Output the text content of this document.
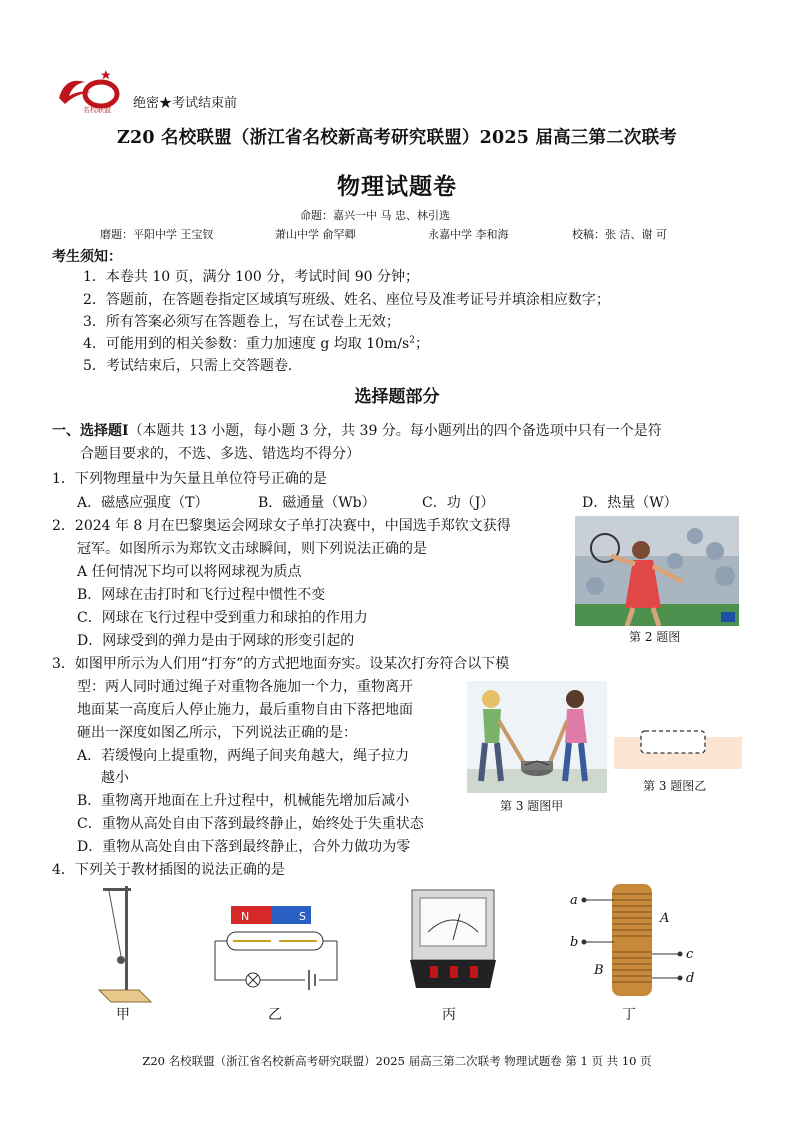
名校联盟 绝密★考试结束前
Z20 名校联盟（浙江省名校新高考研究联盟）2025 届高三第二次联考
物理试题卷
命题：嘉兴一中 马 忠、林引选
磨题：平阳中学 王宝钗	萧山中学 俞罕卿	永嘉中学 李和海	校稿：张 洁、谢 可
考生须知：
1．本卷共 10 页，满分 100 分，考试时间 90 分钟；
2．答题前，在答题卷指定区域填写班级、姓名、座位号及准考证号并填涂相应数字；
3．所有答案必须写在答题卷上，写在试卷上无效；
4．可能用到的相关参数：重力加速度 g 均取 $10m/s^2$；
5．考试结束后，只需上交答题卷.
选择题部分
一、选择题Ⅰ（本题共 13 小题，每小题 3 分，共 39 分。每小题列出的四个备选项中只有一个是符
合题目要求的，不选、多选、错选均不得分）
1．下列物理量中为矢量且单位符号正确的是
A．磁感应强度（T）	B．磁通量（Wb）	C．功（J）	D．热量（W）
2．2024 年 8 月在巴黎奥运会网球女子单打决赛中，中国选手郑钦文获得
冠军。如图所示为郑钦文击球瞬间，则下列说法正确的是
A 任何情况下均可以将网球视为质点
B．网球在击打时和飞行过程中惯性不变
C．网球在飞行过程中受到重力和球拍的作用力
D．网球受到的弹力是由于网球的形变引起的	第 2 题图
3．如图甲所示为人们用“打夯”的方式把地面夯实。设某次打夯符合以下模
型：两人同时通过绳子对重物各施加一个力，重物离开
地面某一高度后人停止施力，最后重物自由下落把地面
砸出一深度如图乙所示，下列说法正确的是：
A．若缓慢向上提重物，两绳子间夹角越大，绳子拉力
越小
B．重物离开地面在上升过程中，机械能先增加后减小
C．重物从高处自由下落到最终静止，始终处于失重状态
D．重物从高处自由下落到最终静止，合外力做功为零
第 3 题图甲
第 3 题图乙
4．下列关于教材插图的说法正确的是
N	S
a
b
c
d
A
B
甲	乙	丙	丁
Z20 名校联盟（浙江省名校新高考研究联盟）2025 届高三第二次联考 物理试题卷 第 1 页 共 10 页
